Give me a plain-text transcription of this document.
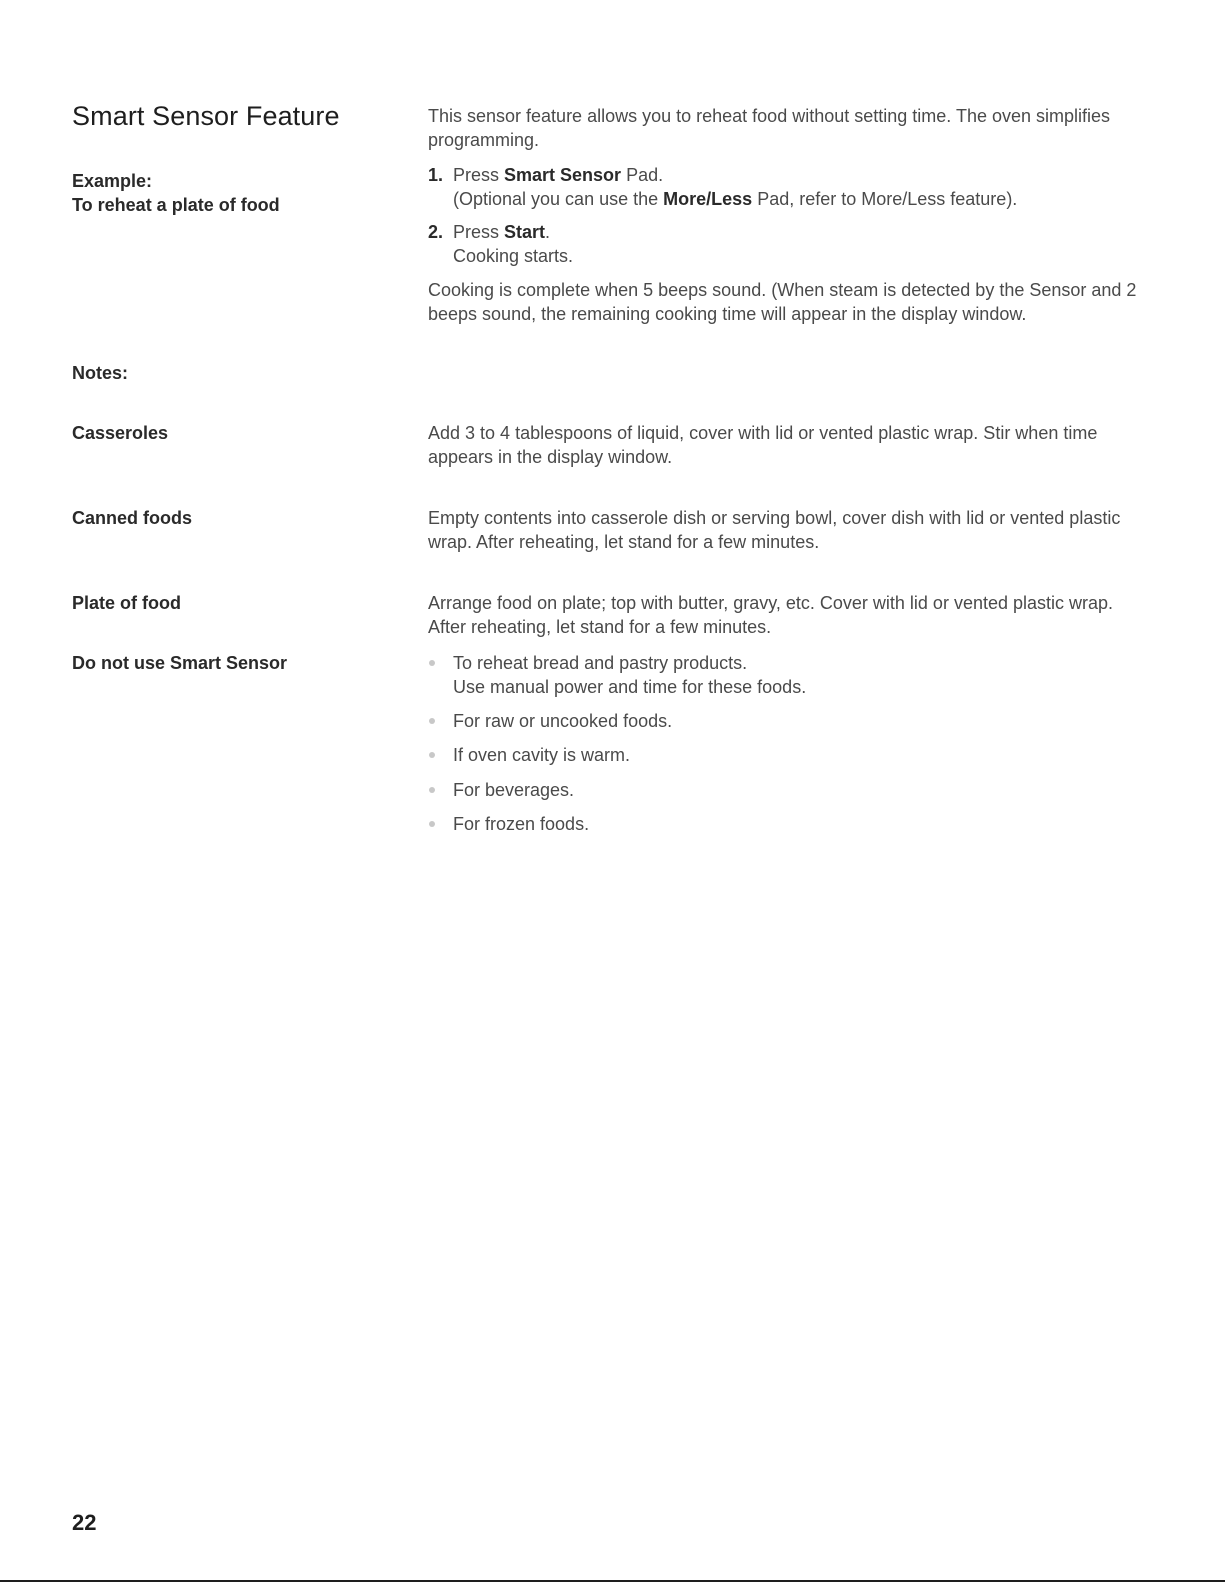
Smart Sensor Feature	This sensor feature allows you to reheat food without setting time. The oven simplifies programming.

Example:
To reheat a plate of food
1. Press Smart Sensor Pad.
(Optional you can use the More/Less Pad, refer to More/Less feature).
2. Press Start.
Cooking starts.

Cooking is complete when 5 beeps sound. (When steam is detected by the Sensor and 2 beeps sound, the remaining cooking time will appear in the display window.

Notes:

Casseroles	Add 3 to 4 tablespoons of liquid, cover with lid or vented plastic wrap. Stir when time appears in the display window.

Canned foods	Empty contents into casserole dish or serving bowl, cover dish with lid or vented plastic wrap. After reheating, let stand for a few minutes.

Plate of food	Arrange food on plate; top with butter, gravy, etc. Cover with lid or vented plastic wrap. After reheating, let stand for a few minutes.

Do not use Smart Sensor	To reheat bread and pastry products.
Use manual power and time for these foods.
For raw or uncooked foods.
If oven cavity is warm.
For beverages.
For frozen foods.
22
